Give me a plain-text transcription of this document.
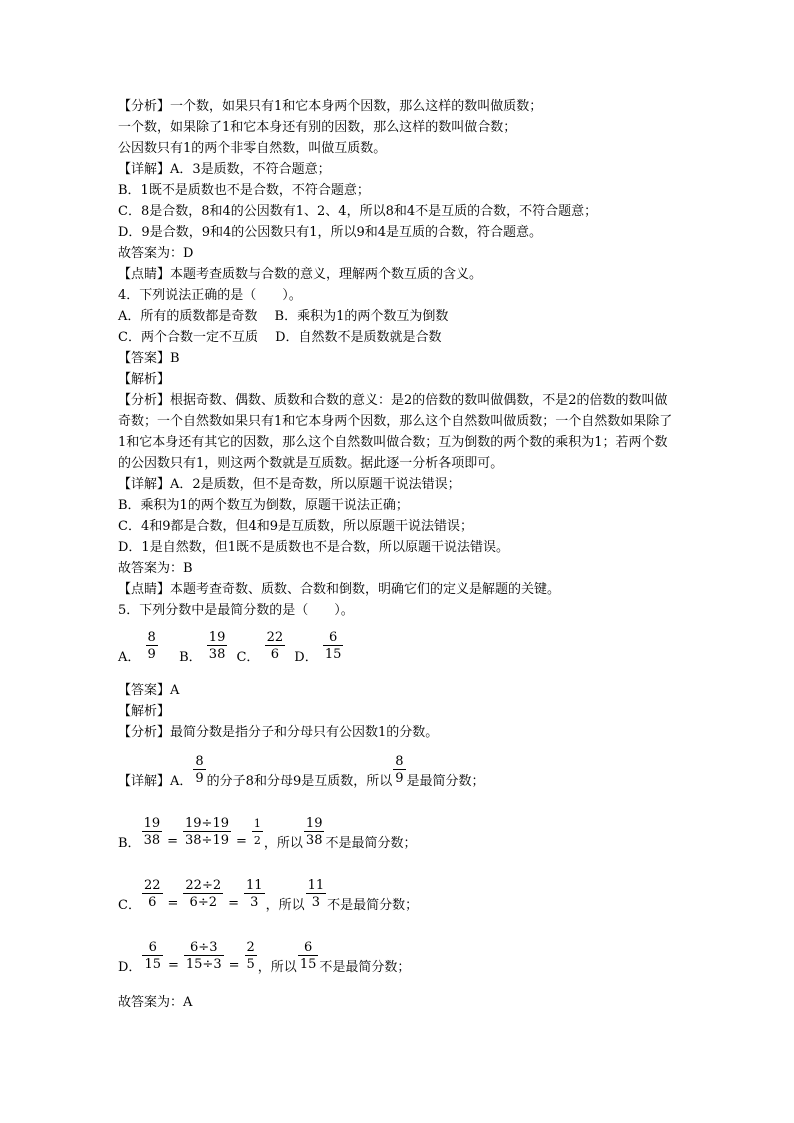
【分析】一个数，如果只有1和它本身两个因数，那么这样的数叫做质数；
一个数，如果除了1和它本身还有别的因数，那么这样的数叫做合数；
公因数只有1的两个非零自然数，叫做互质数。
【详解】A．3是质数，不符合题意；
B．1既不是质数也不是合数，不符合题意；
C．8是合数，8和4的公因数有1、2、4，所以8和4不是互质的合数，不符合题意；
D．9是合数，9和4的公因数只有1，所以9和4是互质的合数，符合题意。
故答案为：D
【点睛】本题考查质数与合数的意义，理解两个数互质的含义。
4．下列说法正确的是（　　）。
A．所有的质数都是奇数　 B．乘积为1的两个数互为倒数
C．两个合数一定不互质　 D．自然数不是质数就是合数
【答案】B
【解析】
【分析】根据奇数、偶数、质数和合数的意义：是2的倍数的数叫做偶数，不是2的倍数的数叫做奇数；一个自然数如果只有1和它本身两个因数，那么这个自然数叫做质数；一个自然数如果除了1和它本身还有其它的因数，那么这个自然数叫做合数；互为倒数的两个数的乘积为1；若两个数的公因数只有1，则这两个数就是互质数。据此逐一分析各项即可。
【详解】A．2是质数，但不是奇数，所以原题干说法错误；
B．乘积为1的两个数互为倒数，原题干说法正确；
C．4和9都是合数，但4和9是互质数，所以原题干说法错误；
D．1是自然数，但1既不是质数也不是合数，所以原题干说法错误。
故答案为：B
【点睛】本题考查奇数、质数、合数和倒数，明确它们的定义是解题的关键。
5．下列分数中是最简分数的是（　　）。
A． $\frac{8}{9}$ B． $\frac{19}{38}$ C． $\frac{22}{6}$ D． $\frac{6}{15}$
【答案】A
【解析】
【分析】最简分数是指分子和分母只有公因数1的分数。
【详解】A． $\frac{8}{9}$ 的分子8和分母9是互质数，所以 $\frac{8}{9}$ 是最简分数；
B． $\frac{19}{38} = \frac{19\div 19}{38\div 19} = \frac{1}{2}$ ，所以 $\frac{19}{38}$ 不是最简分数；
C． $\frac{22}{6} = \frac{22\div 2}{6\div 2} = \frac{11}{3}$ ，所以 $\frac{11}{3}$ 不是最简分数；
D． $\frac{6}{15} = \frac{6\div 3}{15\div 3} = \frac{2}{5}$ ，所以 $\frac{6}{15}$ 不是最简分数；
故答案为：A
